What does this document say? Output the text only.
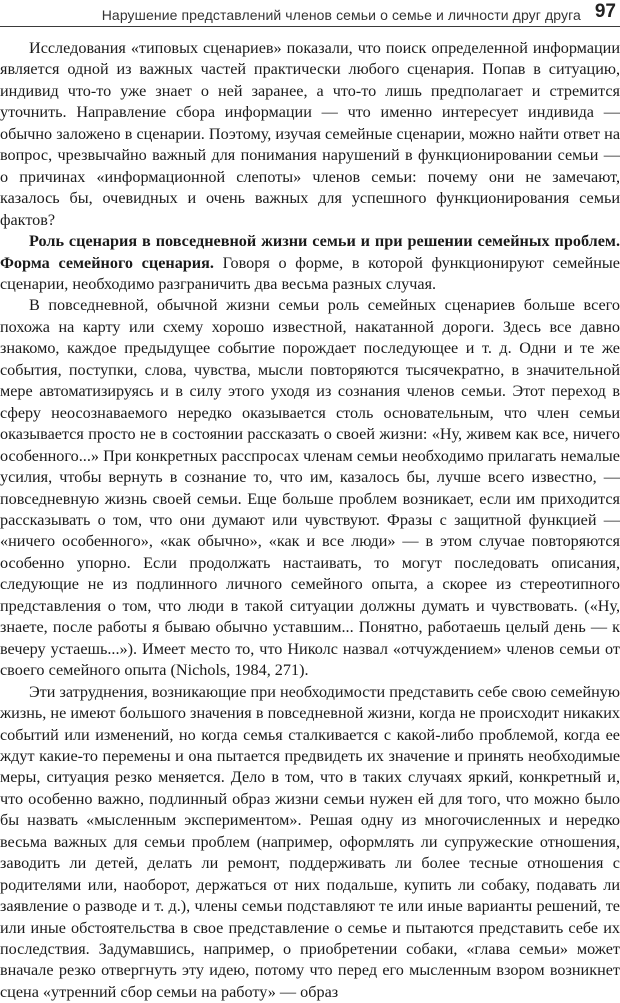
Нарушение представлений членов семьи о семье и личности друг друга 97

Исследования «типовых сценариев» показали, что поиск определенной информации является одной из важных частей практически любого сценария. Попав в ситуацию, индивид что-то уже знает о ней заранее, а что-то лишь предполагает и стремится уточнить. Направление сбора информации — что именно интересует индивида — обычно заложено в сценарии. Поэтому, изучая семейные сценарии, можно найти ответ на вопрос, чрезвычайно важный для понимания нарушений в функционировании семьи — о причинах «информационной слепоты» членов семьи: почему они не замечают, казалось бы, очевидных и очень важных для успешного функционирования семьи фактов?

Роль сценария в повседневной жизни семьи и при решении семейных проблем. Форма семейного сценария. Говоря о форме, в которой функционируют семейные сценарии, необходимо разграничить два весьма разных случая.

В повседневной, обычной жизни семьи роль семейных сценариев больше всего похожа на карту или схему хорошо известной, накатанной дороги. Здесь все давно знакомо, каждое предыдущее событие порождает последующее и т. д. Одни и те же события, поступки, слова, чувства, мысли повторяются тысячекратно, в значительной мере автоматизируясь и в силу этого уходя из сознания членов семьи. Этот переход в сферу неосознаваемого нередко оказывается столь основательным, что член семьи оказывается просто не в состоянии рассказать о своей жизни: «Ну, живем как все, ничего особенного...» При конкретных расспросах членам семьи необходимо прилагать немалые усилия, чтобы вернуть в сознание то, что им, казалось бы, лучше всего известно, — повседневную жизнь своей семьи. Еще больше проблем возникает, если им приходится рассказывать о том, что они думают или чувствуют. Фразы с защитной функцией — «ничего особенного», «как обычно», «как и все люди» — в этом случае повторяются особенно упорно. Если продолжать настаивать, то могут последовать описания, следующие не из подлинного личного семейного опыта, а скорее из стереотипного представления о том, что люди в такой ситуации должны думать и чувствовать. («Ну, знаете, после работы я бываю обычно уставшим... Понятно, работаешь целый день — к вечеру устаешь...»). Имеет место то, что Николс назвал «отчуждением» членов семьи от своего семейного опыта (Nichols, 1984, 271).

Эти затруднения, возникающие при необходимости представить себе свою семейную жизнь, не имеют большого значения в повседневной жизни, когда не происходит никаких событий или изменений, но когда семья сталкивается с какой-либо проблемой, когда ее ждут какие-то перемены и она пытается предвидеть их значение и принять необходимые меры, ситуация резко меняется. Дело в том, что в таких случаях яркий, конкретный и, что особенно важно, подлинный образ жизни семьи нужен ей для того, что можно было бы назвать «мысленным экспериментом». Решая одну из многочисленных и нередко весьма важных для семьи проблем (например, оформлять ли супружеские отношения, заводить ли детей, делать ли ремонт, поддерживать ли более тесные отношения с родителями или, наоборот, держаться от них подальше, купить ли собаку, подавать ли заявление о разводе и т. д.), члены семьи подставляют те или иные варианты решений, те или иные обстоятельства в свое представление о семье и пытаются представить себе их последствия. Задумавшись, например, о приобретении собаки, «глава семьи» может вначале резко отвергнуть эту идею, потому что перед его мысленным взором возникнет сцена «утренний сбор семьи на работу» — образ
